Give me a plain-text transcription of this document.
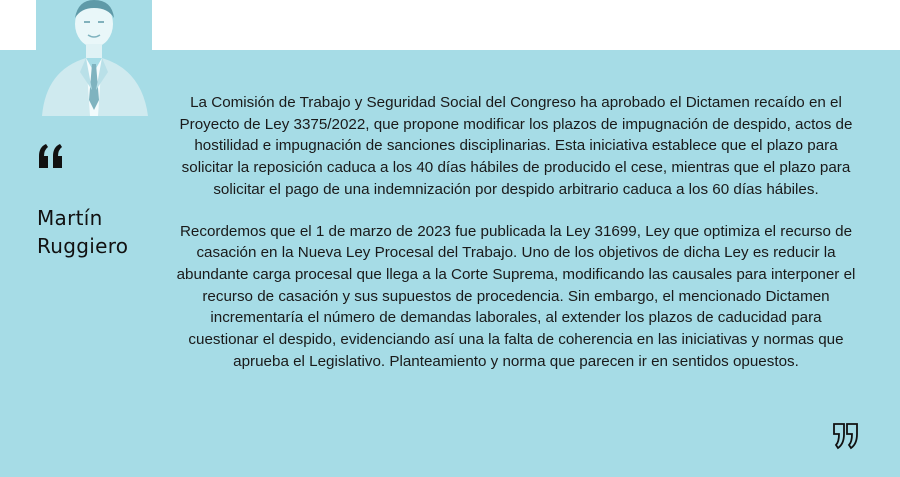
Martín
Ruggiero

La Comisión de Trabajo y Seguridad Social del Congreso ha aprobado el Dictamen recaído en el Proyecto de Ley 3375/2022, que propone modificar los plazos de impugnación de despido, actos de hostilidad e impugnación de sanciones disciplinarias. Esta iniciativa establece que el plazo para solicitar la reposición caduca a los 40 días hábiles de producido el cese, mientras que el plazo para solicitar el pago de una indemnización por despido arbitrario caduca a los 60 días hábiles.

Recordemos que el 1 de marzo de 2023 fue publicada la Ley 31699, Ley que optimiza el recurso de casación en la Nueva Ley Procesal del Trabajo. Uno de los objetivos de dicha Ley es reducir la abundante carga procesal que llega a la Corte Suprema, modificando las causales para interponer el recurso de casación y sus supuestos de procedencia. Sin embargo, el mencionado Dictamen incrementaría el número de demandas laborales, al extender los plazos de caducidad para cuestionar el despido, evidenciando así una la falta de coherencia en las iniciativas y normas que aprueba el Legislativo. Planteamiento y norma que parecen ir en sentidos opuestos.
